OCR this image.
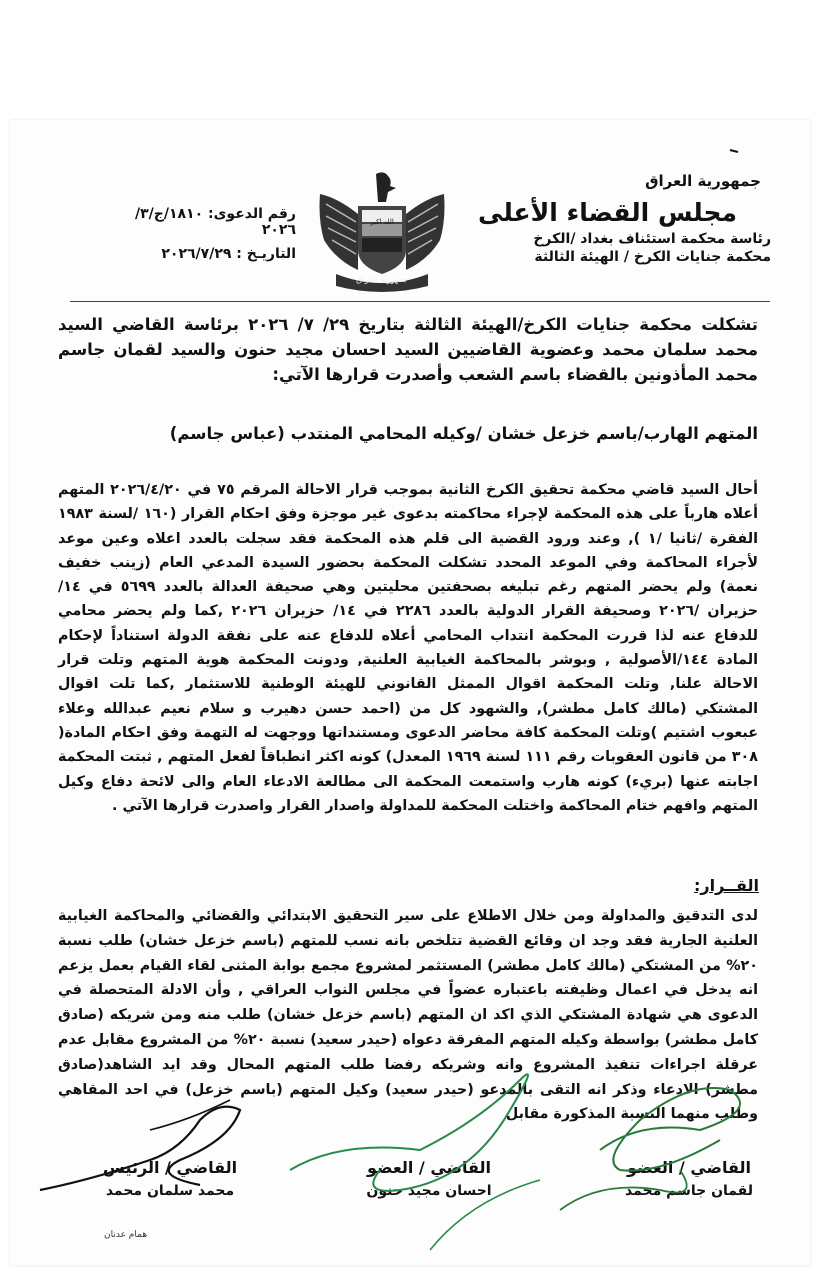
جمهورية العراق
مجلس القضاء الأعلى
رئاسة محكمة استئناف بغداد /الكرخ
محكمة جنايات الكرخ / الهيئة الثالثة
الله اكبر
جمهورية العراق
رقم الدعوى: ١٨١٠/ج/٣/ ٢٠٢٦
التاريـخ : ٢٠٢٦/٧/٢٩
تشكلت محكمة جنايات الكرخ/الهيئة الثالثة بتاريخ ٢٩/ ٧/ ٢٠٢٦ برئاسة القاضي السيد محمد سلمان محمد وعضوية القاضيين السيد احسان مجيد حنون والسيد لقمان جاسم محمد المأذونين بالقضاء باسم الشعب وأصدرت قرارها الآتي:
المتهم الهارب/باسم خزعل خشان /وكيله المحامي المنتدب (عباس جاسم)
أحال السيد قاضي محكمة تحقيق الكرخ الثانية بموجب قرار الاحالة المرقم ٧٥ في ٢٠٢٦/٤/٢٠ المتهم أعلاه هارباً على هذه المحكمة لإجراء محاكمته بدعوى غير موجزة وفق احكام القرار (١٦٠ /لسنة ١٩٨٣ الفقرة /ثانيا /١ ), وعند ورود القضية الى قلم هذه المحكمة فقد سجلت بالعدد اعلاه وعين موعد لأجراء المحاكمة وفي الموعد المحدد تشكلت المحكمة بحضور السيدة المدعي العام (زينب خفيف نعمة) ولم يحضر المتهم رغم تبليغه بصحفتين محليتين وهي صحيفة العدالة بالعدد ٥٦٩٩ في ١٤/حزيران /٢٠٢٦ وصحيفة القرار الدولية بالعدد ٢٢٨٦ في ١٤/ حزيران ٢٠٢٦ ,كما ولم يحضر محامي للدفاع عنه لذا قررت المحكمة انتداب المحامي أعلاه للدفاع عنه على نفقة الدولة استناداً لإحكام المادة ١٤٤/الأصولية , وبوشر بالمحاكمة الغيابية العلنية, ودونت المحكمة هوية المتهم وتلت قرار الاحالة علنا, وتلت المحكمة اقوال الممثل القانوني للهيئة الوطنية للاستثمار ,كما تلت اقوال المشتكي (مالك كامل مطشر), والشهود كل من (احمد حسن دهيرب و سلام نعيم عبدالله وعلاء عبعوب اشتيم )وتلت المحكمة كافة محاضر الدعوى ومستنداتها ووجهت له التهمة وفق احكام المادة( ٣٠٨ من قانون العقوبات رقم ١١١ لسنة ١٩٦٩ المعدل) كونه اكثر انطباقاً لفعل المتهم , ثبتت المحكمة اجابته عنها (بريء) كونه هارب واستمعت المحكمة الى مطالعة الادعاء العام والى لائحة دفاع وكيل المتهم وافهم ختام المحاكمة واختلت المحكمة للمداولة واصدار القرار واصدرت قرارها الآتي .
القــرار:
لدى التدقيق والمداولة ومن خلال الاطلاع على سير التحقيق الابتدائي والقضائي والمحاكمة الغيابية العلنية الجارية فقد وجد ان وقائع القضية تتلخص بانه نسب للمتهم (باسم خزعل خشان) طلب نسبة ٢٠% من المشتكي (مالك كامل مطشر) المستثمر لمشروع مجمع بوابة المثنى لقاء القيام بعمل يزعم انه يدخل في اعمال وظيفته باعتباره عضواً في مجلس النواب العراقي , وأن الادلة المتحصلة في الدعوى هي شهادة المشتكي الذي اكد ان المتهم (باسم خزعل خشان) طلب منه ومن شريكه (صادق كامل مطشر) بواسطة وكيله المتهم المفرقة دعواه (حيدر سعيد) نسبة ٢٠% من المشروع مقابل عدم عرقلة اجراءات تنفيذ المشروع وانه وشريكه رفضا طلب المتهم المحال وقد ايد الشاهد(صادق مطشر) الادعاء وذكر انه التقى بالمدعو (حيدر سعيد) وكيل المتهم (باسم خزعل) في احد المقاهي وطلب منهما النسبة المذكورة مقابل
القاضي / العضو
لقمان جاسم محمد
القاضي / العضو
احسان مجيد حنون
القاضي / الرئيس
محمد سلمان محمد
همام عدنان
